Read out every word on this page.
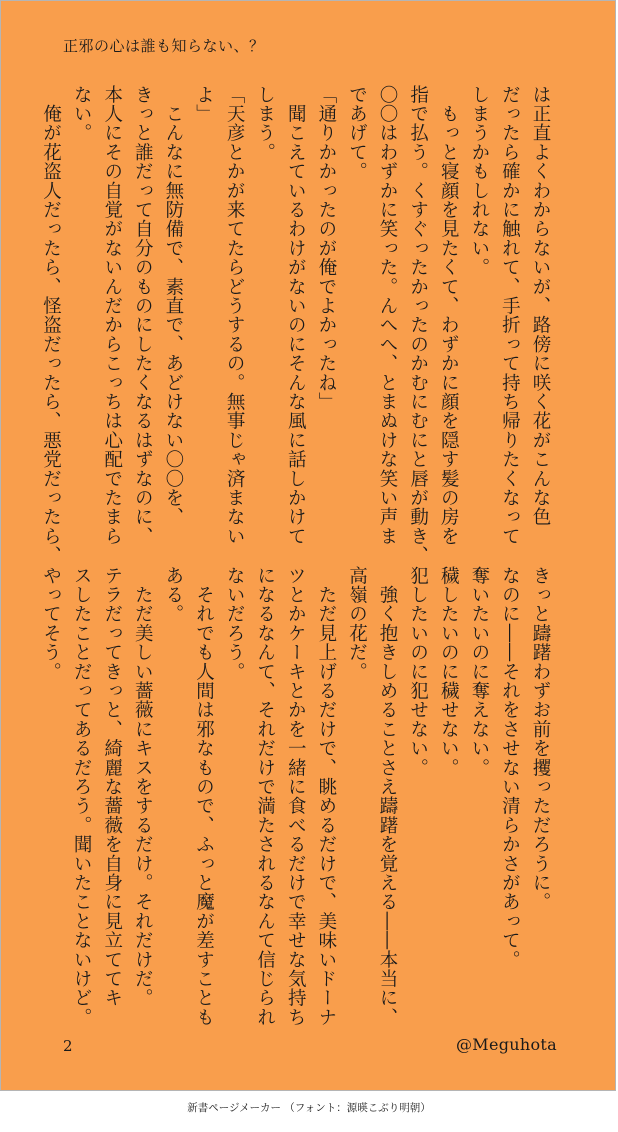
正邪の心は誰も知らない、？
は正直よくわからないが、路傍に咲く花がこんな色
だったら確かに触れて、手折って持ち帰りたくなって
しまうかもしれない。
　もっと寝顔を見たくて、わずかに顔を隠す髪の房を
指で払う。くすぐったかったのかむにむにと唇が動き、
〇〇はわずかに笑った。んへへ、とまぬけな笑い声ま
であげて。
「通りかかったのが俺でよかったね」
　聞こえているわけがないのにそんな風に話しかけて
しまう。
「天彦とかが来てたらどうするの。無事じゃ済まない
よ」
　こんなに無防備で、素直で、あどけない〇〇を、
きっと誰だって自分のものにしたくなるはずなのに、
本人にその自覚がないんだからこっちは心配でたまら
ない。
　俺が花盗人だったら、怪盗だったら、悪党だったら、
きっと躊躇わずお前を攫っただろうに。
なのに――それをさせない清らかさがあって。
奪いたいのに奪えない。
穢したいのに穢せない。
犯したいのに犯せない。
　強く抱きしめることさえ躊躇を覚える――本当に、
高嶺の花だ。
　ただ見上げるだけで、眺めるだけで、美味いドーナ
ツとかケーキとかを一緒に食べるだけで幸せな気持ち
になるなんて、それだけで満たされるなんて信じられ
ないだろう。
　それでも人間は邪なもので、ふっと魔が差すことも
ある。
　ただ美しい薔薇にキスをするだけ。それだけだ。
テラだってきっと、綺麗な薔薇を自身に見立ててキ
スしたことだってあるだろう。聞いたことないけど。
やってそう。
2	@Meguhota
新書ページメーカー （フォント：源暎こぶり明朝）
